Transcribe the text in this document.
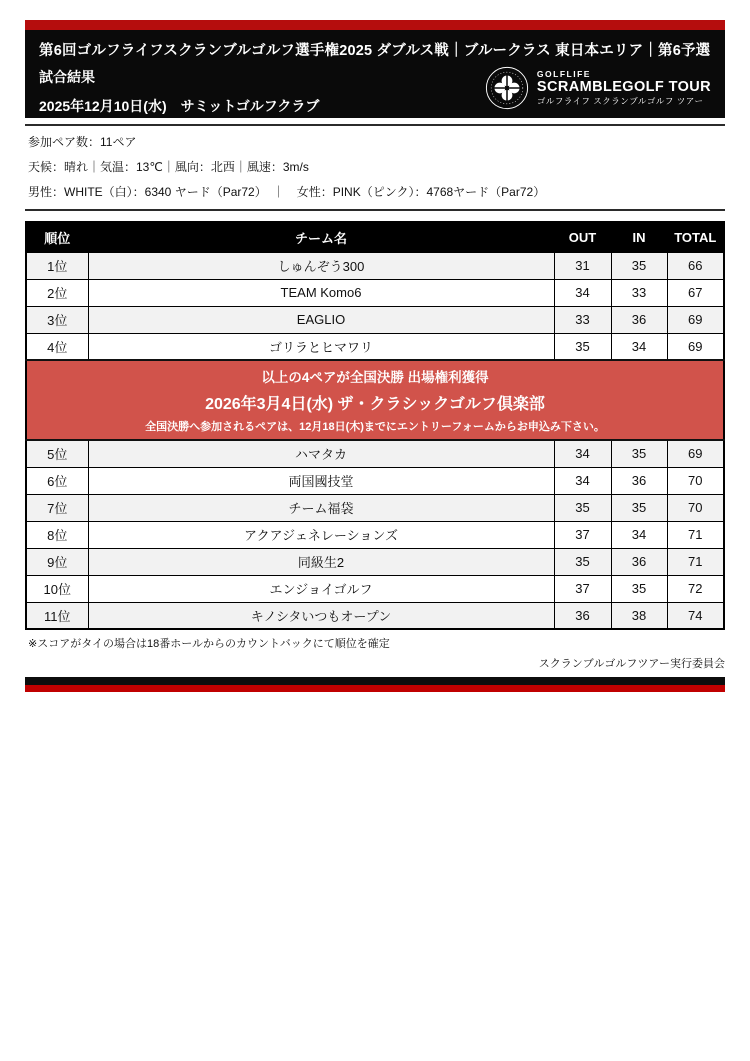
第6回ゴルフライフスクランブルゴルフ選手権2025 ダブルス戦｜ブルークラス 東日本エリア｜第6予選
試合結果
2025年12月10日(水)　サミットゴルフクラブ
GOLFLIFE
SCRAMBLEGOLF TOUR
ゴルフライフ スクランブルゴルフ ツアー
参加ペア数：11ペア
天候：晴れ｜気温：13℃｜風向：北西｜風速：3m/s
男性：WHITE（白）：6340 ヤード（Par72）　｜　女性：PINK（ピンク）：4768ヤード（Par72）
順位	チーム名	OUT	IN	TOTAL
1位	しゅんぞう300	31	35	66
2位	TEAM Komo6	34	33	67
3位	EAGLIO	33	36	69
4位	ゴリラとヒマワリ	35	34	69

以上の4ペアが全国決勝 出場権利獲得
2026年3月4日(水) ザ・クラシックゴルフ倶楽部
全国決勝へ参加されるペアは、12月18日(木)までにエントリーフォームからお申込み下さい。				

5位	ハマタカ	34	35	69
6位	両国國技堂	34	36	70
7位	チーム福袋	35	35	70
8位	アクアジェネレーションズ	37	34	71
9位	同級生2	35	36	71
10位	エンジョイゴルフ	37	35	72
11位	キノシタいつもオープン	36	38	74
※スコアがタイの場合は18番ホールからのカウントバックにて順位を確定
スクランブルゴルフツアー実行委員会
